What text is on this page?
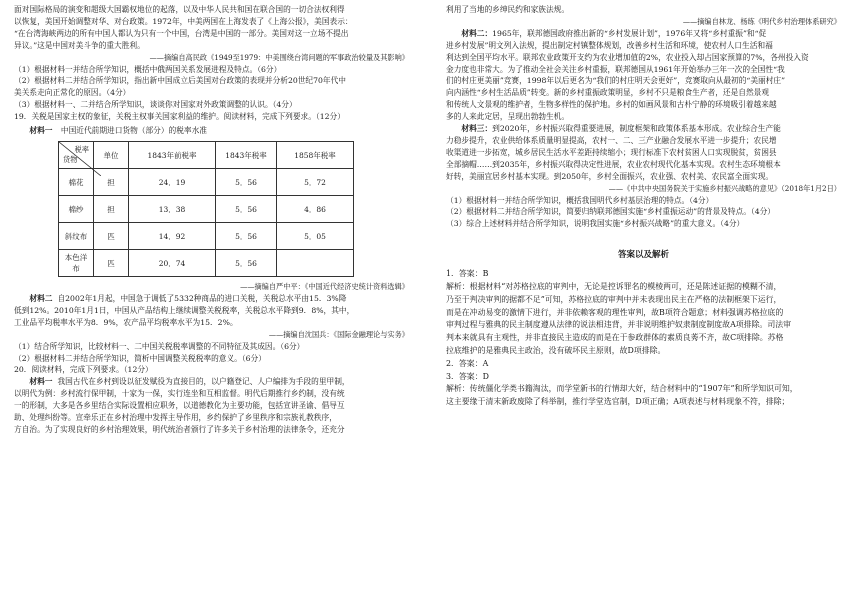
面对国际格局的演变和超级大国霸权地位的起落，以及中华人民共和国在联合国的一切合法权利得

以恢复，美国开始调整对华、对台政策。1972年，中美两国在上海发表了《上海公报》，美国表示：

“在台湾海峡两边的所有中国人都认为只有一个中国，台湾是中国的一部分。美国对这一立场不提出

异议。”这是中国对美斗争的重大胜利。

——摘编自高民政《1949至1979：中美围绕台湾问题的军事政治较量及其影响》

（1）根据材料一并结合所学知识，概括中俄两国关系发展进程及特点。（6分）

（2）根据材料二并结合所学知识，指出新中国成立后美国对台政策的表现并分析20世纪70年代中

美关系走向正常化的原因。（4分）

（3）根据材料一、二并结合所学知识，谈谈你对国家对外政策调整的认识。（4分）

19．关税是国家主权的象征，关税主权事关国家利益的维护。阅读材料，完成下列要求。（12分）

材料一 中国近代前期进口货物（部分）的税率水准

税率
货物	单位	1843年前税率	1843年税率	1858年税率
棉花	担	24．19	5．56	5．72
棉纱	担	13．38	5．56	4．86
斜纹布	匹	14．92	5．56	5．05
本色洋布	匹	20．74	5．56	

——摘编自严中平：《中国近代经济史统计资料选辑》

材料二 自2002年1月起，中国急于调低了5332种商品的进口关税，关税总水平由15．3%降

低到12%。2010年1月1日，中国从产品结构上继续调整关税税率，关税总水平降到9．8%，其中，

工业品平均税率水平为8．9%，农产品平均税率水平为15．2%。

——摘编自沈国兵：《国际金融理论与实务》

（1）结合所学知识，比较材料一、二中国关税税率调整的不同特征及其成因。（6分）

（2）根据材料二并结合所学知识，简析中国调整关税税率的意义。（6分）

20．阅读材料，完成下列要求。（12分）

材料一 我国古代在乡村到设以征发赋役为直接目的，以户籍登记、人户编排为手段的里甲制，

以明代为例：乡村流行保甲制，十家为一保，实行连坐和互相监督。明代后期推行乡约制，没有统

一的形制，大多是各乡里结合实际设置相应职务，以道德教化为主要功能，包括宣讲圣谕、倡导互

助、处理纠纷等。宣牵乐正在乡村治理中发挥主导作用，乡约保护了乡里秩序和宗族礼教秩序，

方自治。为了实现良好的乡村治理效果，明代统治者颁行了许多关于乡村治理的法律条令，还充分

利用了当地的乡绅民约和家族法规。

——摘编自林龙、杨练《明代乡村治理体系研究》

材料二：1965年，联邦德国政府推出新的“乡村发展计划”，1976年又将“乡村重振”和“促

进乡村发展”明文列入法规，提出制定村镇整体规划，改善乡村生活和环境，使农村人口生活和福

利达到全国平均水平。联邦农业政策开支约为农业增加值的2%，农业投入却占国家预算的7%，各州投入资

金力度也非常大。为了推动全社会关注乡村重振，联邦德国从1961年开始举办三年一次的全国性“我

们的村庄更美丽”竞赛，1998年以后更名为“我们的村庄明天会更好”，竞赛取向从最初的“美丽村庄”

向内涵性“乡村生活品质”转变。新的乡村重振政策明显，乡村不只是粮食生产者，还是自然景观

和传统人文景观的维护者，生物多样性的保护地。乡村的如画风景和古朴宁静的环境吸引着越来越

多的人来此定居，呈现出勃勃生机。

材料三：到2020年，乡村振兴取得重要进展，制度框架和政策体系基本形成。农业综合生产能

力稳步提升，农业供给体系质量明显提高，农村一、二、三产业融合发展水平进一步提升；农民增

收渠道进一步拓宽，城乡居民生活水平差距持续缩小；现行标准下农村贫困人口实现脱贫，贫困县

全部摘帽……到2035年，乡村振兴取得决定性进展，农业农村现代化基本实现。农村生态环境根本

好转，美丽宜居乡村基本实现。到2050年，乡村全面振兴，农业强、农村美、农民富全面实现。

——《中共中央国务院关于实施乡村振兴战略的意见》（2018年1月2日）

（1）根据材料一并结合所学知识，概括我国明代乡村基层治理的特点。（4分）

（2）根据材料二并结合所学知识，简要归纳联邦德国实施“乡村重振运动”的背景及特点。（4分）

（3）综合上述材料并结合所学知识，说明我国实施“乡村振兴战略”的重大意义。（4分）

答案以及解析

1．答案：B

解析：根据材料“对苏格拉底的审判中，无论是控诉罪名的模棱两可，还是陈述证据的模糊不清，

乃至于判决审判的据都不足”可知，苏格拉底的审判中并未表现出民主在严格的法制框架下运行，

而是在冲动易变的激情下进行，并非依赖客观的理性审判，故B项符合题意；材料强调苏格拉底的

审判过程与雅典的民主制度遵从法律的说法相违背，并非说明维护奴隶制度制度故A项排除。司法审

判本来就具有主观性，并非直接民主造成的而是在于参政群体的素质良莠不齐，故C项排除。苏格

拉底维护的是雅典民主政治，没有破坏民主原则，故D项排除。

2．答案：A

3．答案：D

解析：传统僵化学类书籍淘汰，而学堂新书的行情却大好，结合材料中的“1907年”和所学知识可知，

这主要缘于清末新政废除了科举制，推行学堂选官制，D项正确；A项表述与材料现象不符，排除；
